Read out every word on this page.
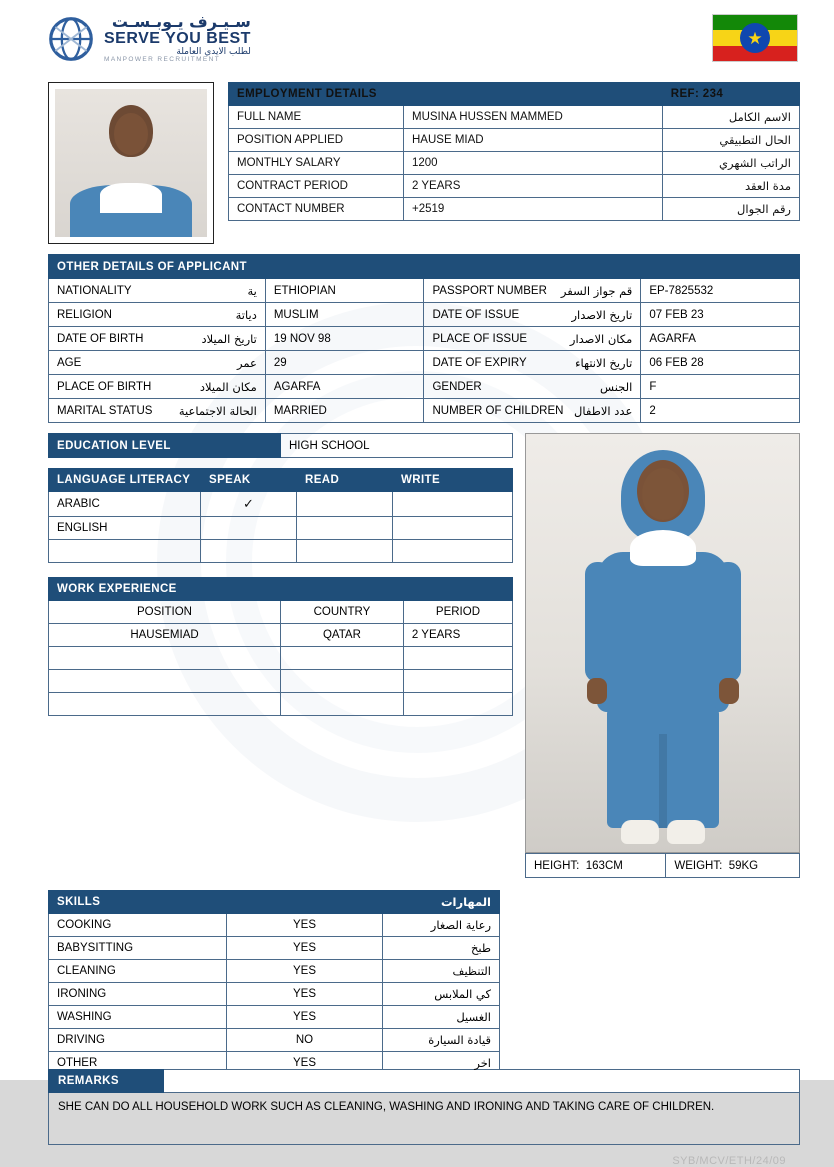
سـيـرف يـوبـسـت
SERVE YOU BEST
لطلب الايدي العاملة
MANPOWER RECRUITMENT
★
EMPLOYMENT DETAILS		REF: 234
FULL NAME	MUSINA HUSSEN MAMMED	الاسم الكامل
POSITION APPLIED	HAUSE MIAD	الحال التطبيقي
MONTHLY SALARY	1200	الراتب الشهري
CONTRACT PERIOD	2 YEARS	مدة العقد
CONTACT NUMBER	+2519	رقم الجوال
OTHER DETAILS OF APPLICANT			

NATIONALITY ية	ETHIOPIAN	PASSPORT NUMBER قم جواز السفر	EP-7825532

RELIGION دياتة	MUSLIM	DATE OF ISSUE تاريخ الاصدار	07 FEB 23

DATE OF BIRTH تاريخ الميلاد	19 NOV 98	PLACE OF ISSUE مكان الاصدار	AGARFA

AGE عمر	29	DATE OF EXPIRY تاريخ الانتهاء	06 FEB 28

PLACE OF BIRTH مكان الميلاد	AGARFA	GENDER الجنس	F

MARITAL STATUS الحالة الاجتماعية	MARRIED	NUMBER OF CHILDREN عدد الاطفال	2
EDUCATION LEVEL	HIGH SCHOOL
LANGUAGE LITERACY	SPEAK	READ	WRITE
ARABIC	✓		
ENGLISH			

WORK EXPERIENCE		
POSITION	COUNTRY	PERIOD
HAUSEMIAD	QATAR	2 YEARS

HEIGHT: 163CM	WEIGHT: 59KG
SKILLS		المهارات
COOKING	YES	رعاية الصغار
BABYSITTING	YES	طبخ
CLEANING	YES	التنظيف
IRONING	YES	كي الملابس
WASHING	YES	الغسيل
DRIVING	NO	قيادة السيارة
OTHER	YES	اخر
REMARKS	
SHE CAN DO ALL HOUSEHOLD WORK SUCH AS CLEANING, WASHING AND IRONING AND TAKING CARE OF CHILDREN.
SYB/MCV/ETH/24/09
